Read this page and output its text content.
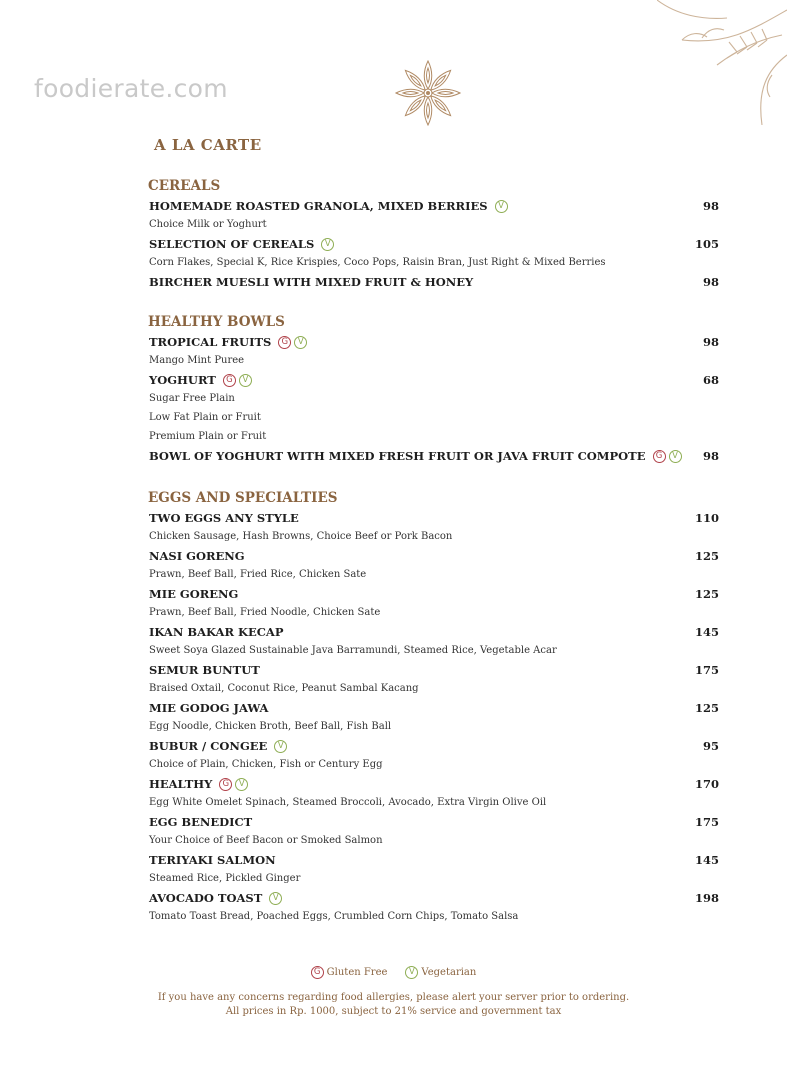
foodierate.com
A LA CARTE
CEREALS
HOMEMADE ROASTED GRANOLA, MIXED BERRIES	V	98
Choice Milk or Yoghurt
SELECTION OF CEREALS	V	105
Corn Flakes, Special K, Rice Krispies, Coco Pops, Raisin Bran, Just Right & Mixed Berries
BIRCHER MUESLI WITH MIXED FRUIT & HONEY	98
HEALTHY BOWLS
TROPICAL FRUITS	G	V	98
Mango Mint Puree
YOGHURT	G	V	68
Sugar Free Plain
Low Fat Plain or Fruit
Premium Plain or Fruit
BOWL OF YOGHURT WITH MIXED FRESH FRUIT OR JAVA FRUIT COMPOTE	G	V	98
EGGS AND SPECIALTIES
TWO EGGS ANY STYLE	110
Chicken Sausage, Hash Browns, Choice Beef or Pork Bacon
NASI GORENG	125
Prawn, Beef Ball, Fried Rice, Chicken Sate
MIE GORENG	125
Prawn, Beef Ball, Fried Noodle, Chicken Sate
IKAN BAKAR KECAP	145
Sweet Soya Glazed Sustainable Java Barramundi, Steamed Rice, Vegetable Acar
SEMUR BUNTUT	175
Braised Oxtail, Coconut Rice, Peanut Sambal Kacang
MIE GODOG JAWA	125
Egg Noodle, Chicken Broth, Beef Ball, Fish Ball
BUBUR / CONGEE	V	95
Choice of Plain, Chicken, Fish or Century Egg
HEALTHY	G	V	170
Egg White Omelet Spinach, Steamed Broccoli, Avocado, Extra Virgin Olive Oil
EGG BENEDICT	175
Your Choice of Beef Bacon or Smoked Salmon
TERIYAKI SALMON	145
Steamed Rice, Pickled Ginger
AVOCADO TOAST	V	198
Tomato Toast Bread, Poached Eggs, Crumbled Corn Chips, Tomato Salsa
G Gluten Free	V Vegetarian
If you have any concerns regarding food allergies, please alert your server prior to ordering.
All prices in Rp. 1000, subject to 21% service and government tax
